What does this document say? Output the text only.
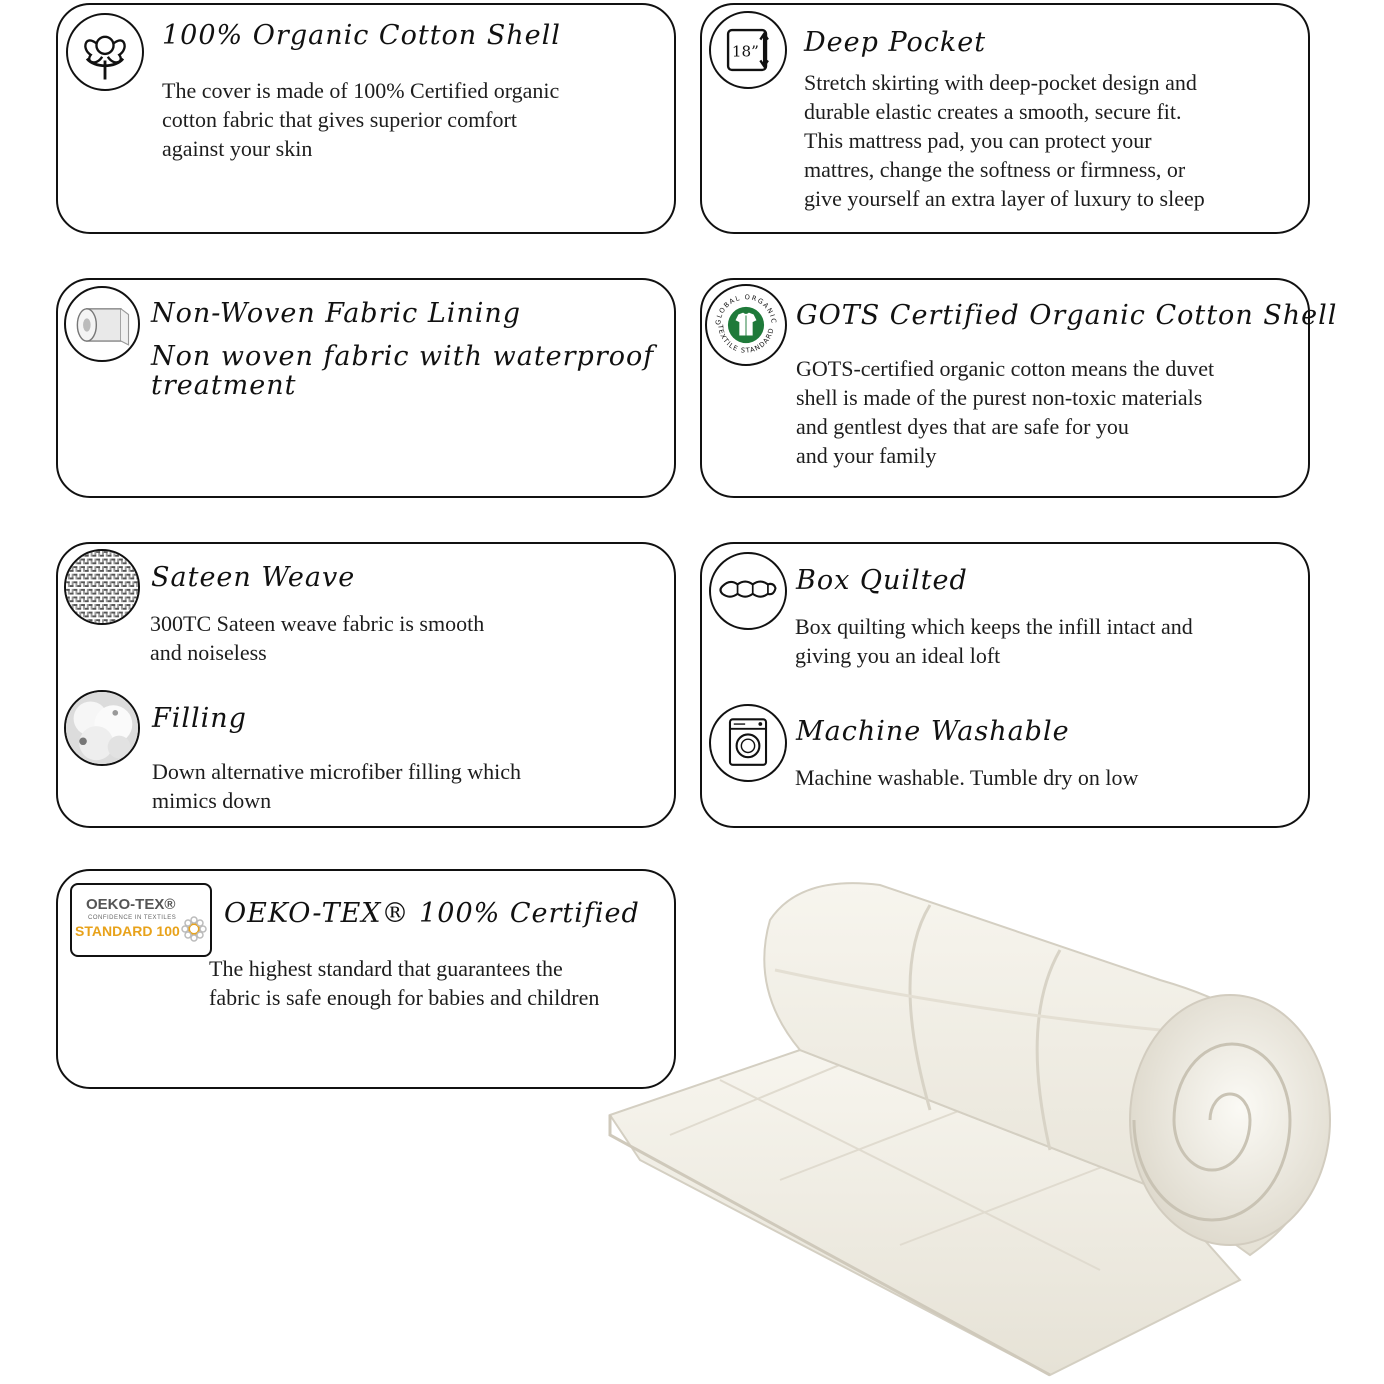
100% Organic Cotton Shell
The cover is made of 100% Certified organic
cotton fabric that gives superior comfort
against your skin
18” Deep Pocket
Stretch skirting with deep-pocket design and
durable elastic creates a smooth, secure fit.
This mattress pad, you can protect your
mattres, change the softness or firmness, or
give yourself an extra layer of luxury to sleep
Non-Woven Fabric Lining
Non woven fabric with waterproof
treatment
GLOBAL ORGANIC
TEXTILE STANDARD GOTS Certified Organic Cotton Shell
GOTS-certified organic cotton means the duvet
shell is made of the purest non-toxic materials
and gentlest dyes that are safe for you
and your family
Sateen Weave
300TC Sateen weave fabric is smooth
and noiseless
Filling
Down alternative microfiber filling which
mimics down
Box Quilted
Box quilting which keeps the infill intact and
giving you an ideal loft
Machine Washable
Machine washable. Tumble dry on low
OEKO-TEX®
CONFIDENCE IN TEXTILES
STANDARD 100
OEKO-TEX® 100% Certified
The highest standard that guarantees the
fabric is safe enough for babies and children
